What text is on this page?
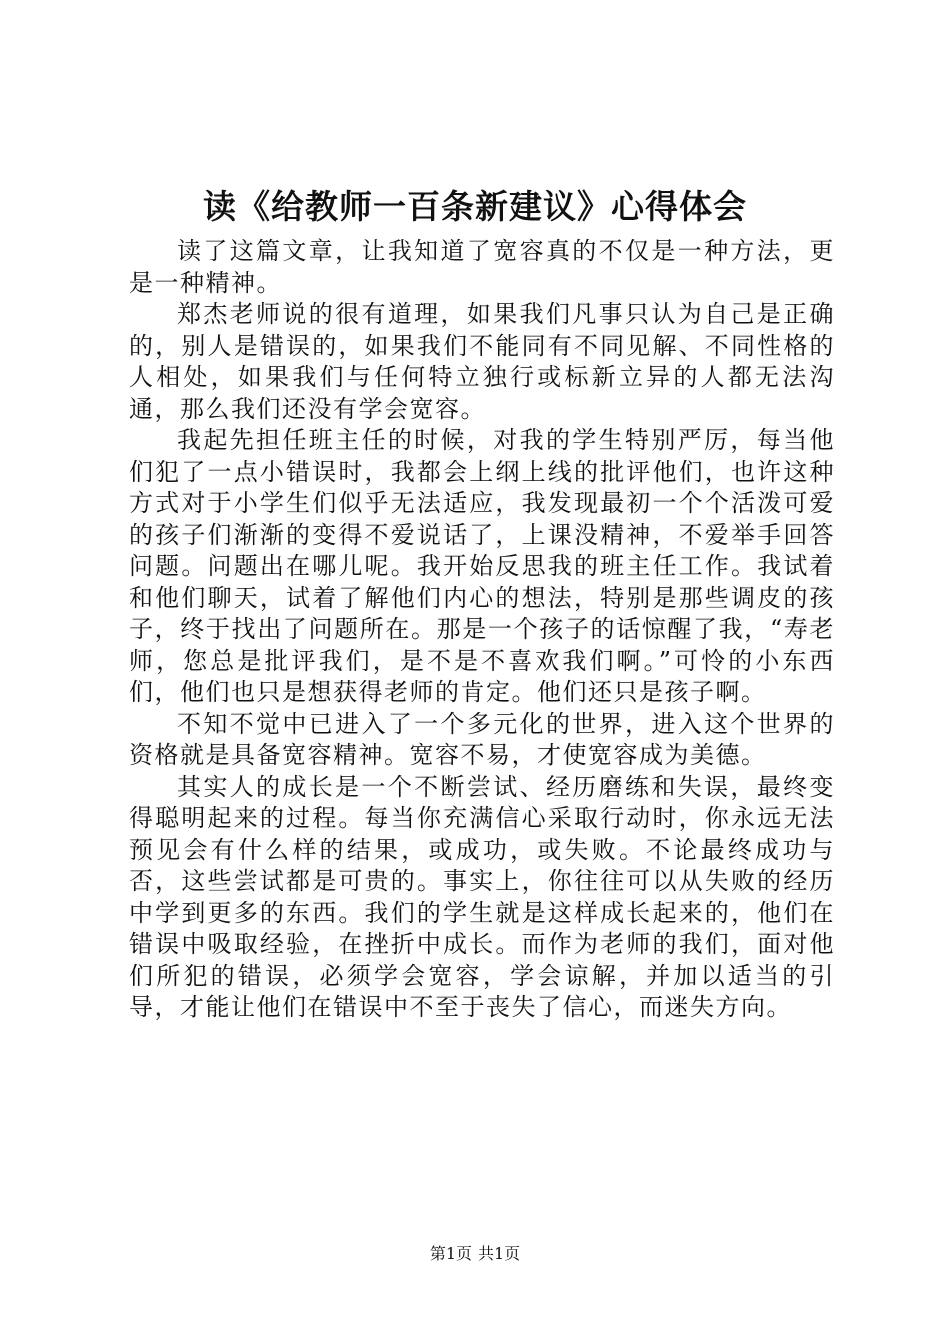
读《给教师一百条新建议》心得体会

读了这篇文章，让我知道了宽容真的不仅是一种方法，更是一种精神。

郑杰老师说的很有道理，如果我们凡事只认为自己是正确的，别人是错误的，如果我们不能同有不同见解、不同性格的人相处，如果我们与任何特立独行或标新立异的人都无法沟通，那么我们还没有学会宽容。

我起先担任班主任的时候，对我的学生特别严厉，每当他们犯了一点小错误时，我都会上纲上线的批评他们，也许这种方式对于小学生们似乎无法适应，我发现最初一个个活泼可爱的孩子们渐渐的变得不爱说话了，上课没精神，不爱举手回答问题。问题出在哪儿呢。我开始反思我的班主任工作。我试着和他们聊天，试着了解他们内心的想法，特别是那些调皮的孩子，终于找出了问题所在。那是一个孩子的话惊醒了我，“寿老师，您总是批评我们，是不是不喜欢我们啊。”可怜的小东西们，他们也只是想获得老师的肯定。他们还只是孩子啊。

不知不觉中已进入了一个多元化的世界，进入这个世界的资格就是具备宽容精神。宽容不易，才使宽容成为美德。

其实人的成长是一个不断尝试、经历磨练和失误，最终变得聪明起来的过程。每当你充满信心采取行动时，你永远无法预见会有什么样的结果，或成功，或失败。不论最终成功与否，这些尝试都是可贵的。事实上，你往往可以从失败的经历中学到更多的东西。我们的学生就是这样成长起来的，他们在错误中吸取经验，在挫折中成长。而作为老师的我们，面对他们所犯的错误，必须学会宽容，学会谅解，并加以适当的引导，才能让他们在错误中不至于丧失了信心，而迷失方向。

第1页 共1页
